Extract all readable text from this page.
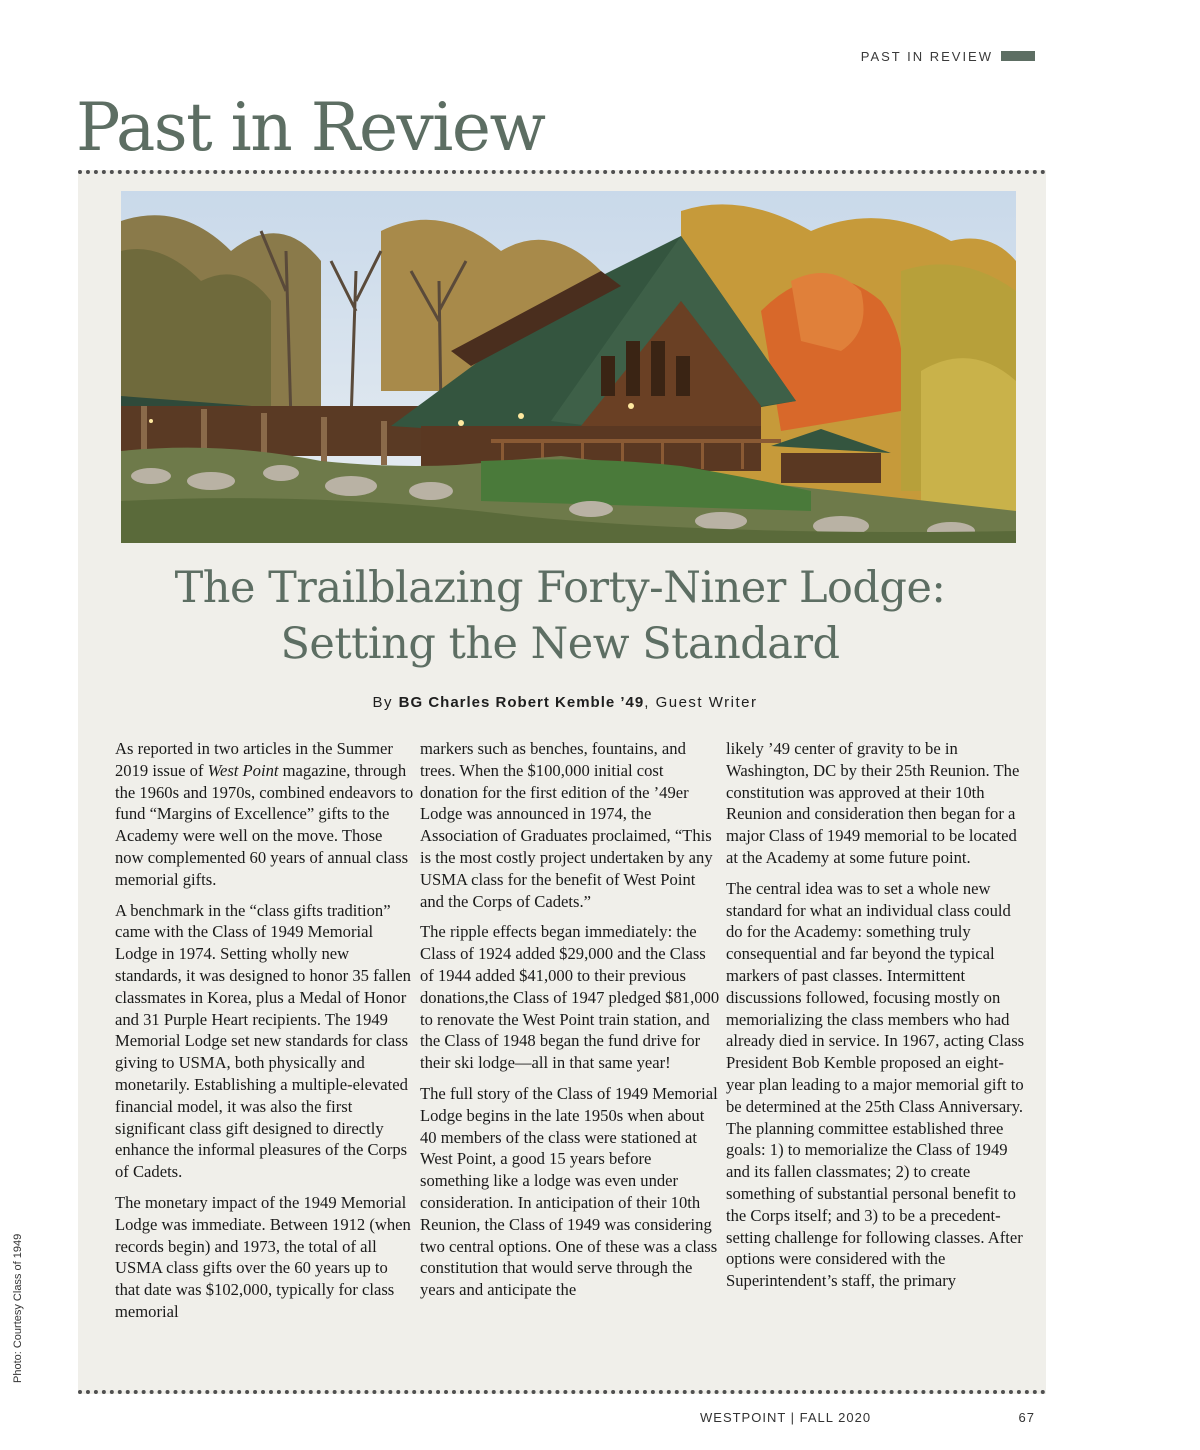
PAST IN REVIEW
Past in Review
The Trailblazing Forty-Niner Lodge:
Setting the New Standard
By BG Charles Robert Kemble ’49, Guest Writer

As reported in two articles in the Summer 2019 issue of West Point magazine, through the 1960s and 1970s, combined endeavors to fund “Margins of Excellence” gifts to the Academy were well on the move. Those now complemented 60 years of annual class memorial gifts.

A benchmark in the “class gifts tradition” came with the Class of 1949 Memorial Lodge in 1974. Setting wholly new standards, it was designed to honor 35 fallen classmates in Korea, plus a Medal of Honor and 31 Purple Heart recipients. The 1949 Memorial Lodge set new standards for class giving to USMA, both physically and monetarily. Establishing a multiple-elevated financial model, it was also the first significant class gift designed to directly enhance the informal pleasures of the Corps of Cadets.

The monetary impact of the 1949 Memorial Lodge was immediate. Between 1912 (when records begin) and 1973, the total of all USMA class gifts over the 60 years up to that date was $102,000, typically for class memorial

markers such as benches, fountains, and trees. When the $100,000 initial cost donation for the first edition of the ’49er Lodge was announced in 1974, the Association of Graduates proclaimed, “This is the most costly project undertaken by any USMA class for the benefit of West Point and the Corps of Cadets.”

The ripple effects began immediately: the Class of 1924 added $29,000 and the Class of 1944 added $41,000 to their previous donations,the Class of 1947 pledged $81,000 to renovate the West Point train station, and the Class of 1948 began the fund drive for their ski lodge—all in that same year!

The full story of the Class of 1949 Memorial Lodge begins in the late 1950s when about 40 members of the class were stationed at West Point, a good 15 years before something like a lodge was even under consideration. In anticipation of their 10th Reunion, the Class of 1949 was considering two central options. One of these was a class constitution that would serve through the years and anticipate the

likely ’49 center of gravity to be in Washington, DC by their 25th Reunion. The constitution was approved at their 10th Reunion and consideration then began for a major Class of 1949 memorial to be located at the Academy at some future point.

The central idea was to set a whole new standard for what an individual class could do for the Academy: something truly consequential and far beyond the typical markers of past classes. Intermittent discussions followed, focusing mostly on memorializing the class members who had already died in service. In 1967, acting Class President Bob Kemble proposed an eight-year plan leading to a major memorial gift to be determined at the 25th Class Anniversary. The planning committee established three goals: 1) to memorialize the Class of 1949 and its fallen classmates; 2) to create something of substantial personal benefit to the Corps itself; and 3) to be a precedent-setting challenge for following classes. After options were considered with the Superintendent’s staff, the primary

Photo: Courtesy Class of 1949
WESTPOINT | FALL 2020	67
